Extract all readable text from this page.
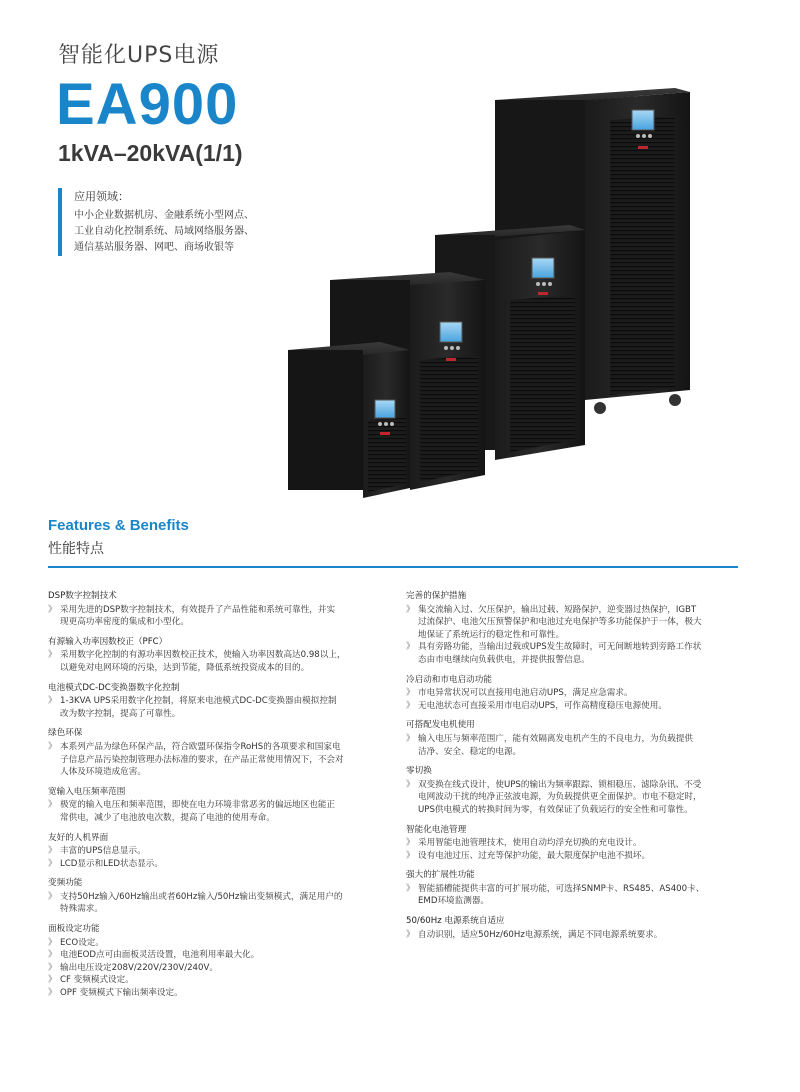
智能化UPS电源
EA900
1kVA–20kVA(1/1)
应用领域：
中小企业数据机房、金融系统小型网点、
工业自动化控制系统、局域网络服务器、
通信基站服务器、网吧、商场收银等
Features & Benefits
性能特点
DSP数字控制技术
》 采用先进的DSP数字控制技术，有效提升了产品性能和系统可靠性，并实
现更高功率密度的集成和小型化。
有源输入功率因数校正（PFC）
》 采用数字化控制的有源功率因数校正技术，使输入功率因数高达0.98以上，
以避免对电网环境的污染，达到节能，降低系统投资成本的目的。
电池模式DC-DC变换器数字化控制
》 1-3KVA UPS采用数字化控制，将原来电池模式DC-DC变换器由模拟控制
改为数字控制，提高了可靠性。
绿色环保
》 本系列产品为绿色环保产品，符合欧盟环保指令RoHS的各项要求和国家电
子信息产品污染控制管理办法标准的要求，在产品正常使用情况下，不会对
人体及环境造成危害。
宽输入电压频率范围
》 极宽的输入电压和频率范围，即使在电力环境非常恶劣的偏远地区也能正
常供电，减少了电池放电次数，提高了电池的使用寿命。
友好的人机界面
》 丰富的UPS信息显示。
》 LCD显示和LED状态显示。
变频功能
》 支持50Hz输入/60Hz输出或者60Hz输入/50Hz输出变频模式，满足用户的
特殊需求。
面板设定功能
》 ECO设定。
》 电池EOD点可由面板灵活设置，电池利用率最大化。
》 输出电压设定208V/220V/230V/240V。
》 CF 变频模式设定。
》 OPF 变频模式下输出频率设定。
完善的保护措施
》 集交流输入过、欠压保护，输出过载、短路保护，逆变器过热保护，IGBT
过流保护、电池欠压预警保护和电池过充电保护等多功能保护于一体，极大
地保证了系统运行的稳定性和可靠性。
》 具有旁路功能，当输出过载或UPS发生故障时，可无间断地转到旁路工作状
态由市电继续向负载供电，并提供报警信息。
冷启动和市电启动功能
》 市电异常状况可以直接用电池启动UPS，满足应急需求。
》 无电池状态可直接采用市电启动UPS，可作高精度稳压电源使用。
可搭配发电机使用
》 输入电压与频率范围广，能有效隔离发电机产生的不良电力，为负载提供
洁净、安全、稳定的电源。
零切换
》 双变换在线式设计，使UPS的输出为频率跟踪、锁相稳压、滤除杂讯、不受
电网波动干扰的纯净正弦波电源，为负载提供更全面保护。市电不稳定时，
UPS供电模式的转换时间为零，有效保证了负载运行的安全性和可靠性。
智能化电池管理
》 采用智能电池管理技术，使用自动均浮充切换的充电设计。
》 设有电池过压、过充等保护功能，最大限度保护电池不损坏。
强大的扩展性功能
》 智能插槽能提供丰富的可扩展功能，可选择SNMP卡、RS485、AS400卡、
EMD环境监测器。
50/60Hz 电源系统自适应
》 自动识别，适应50Hz/60Hz电源系统，满足不同电源系统要求。
